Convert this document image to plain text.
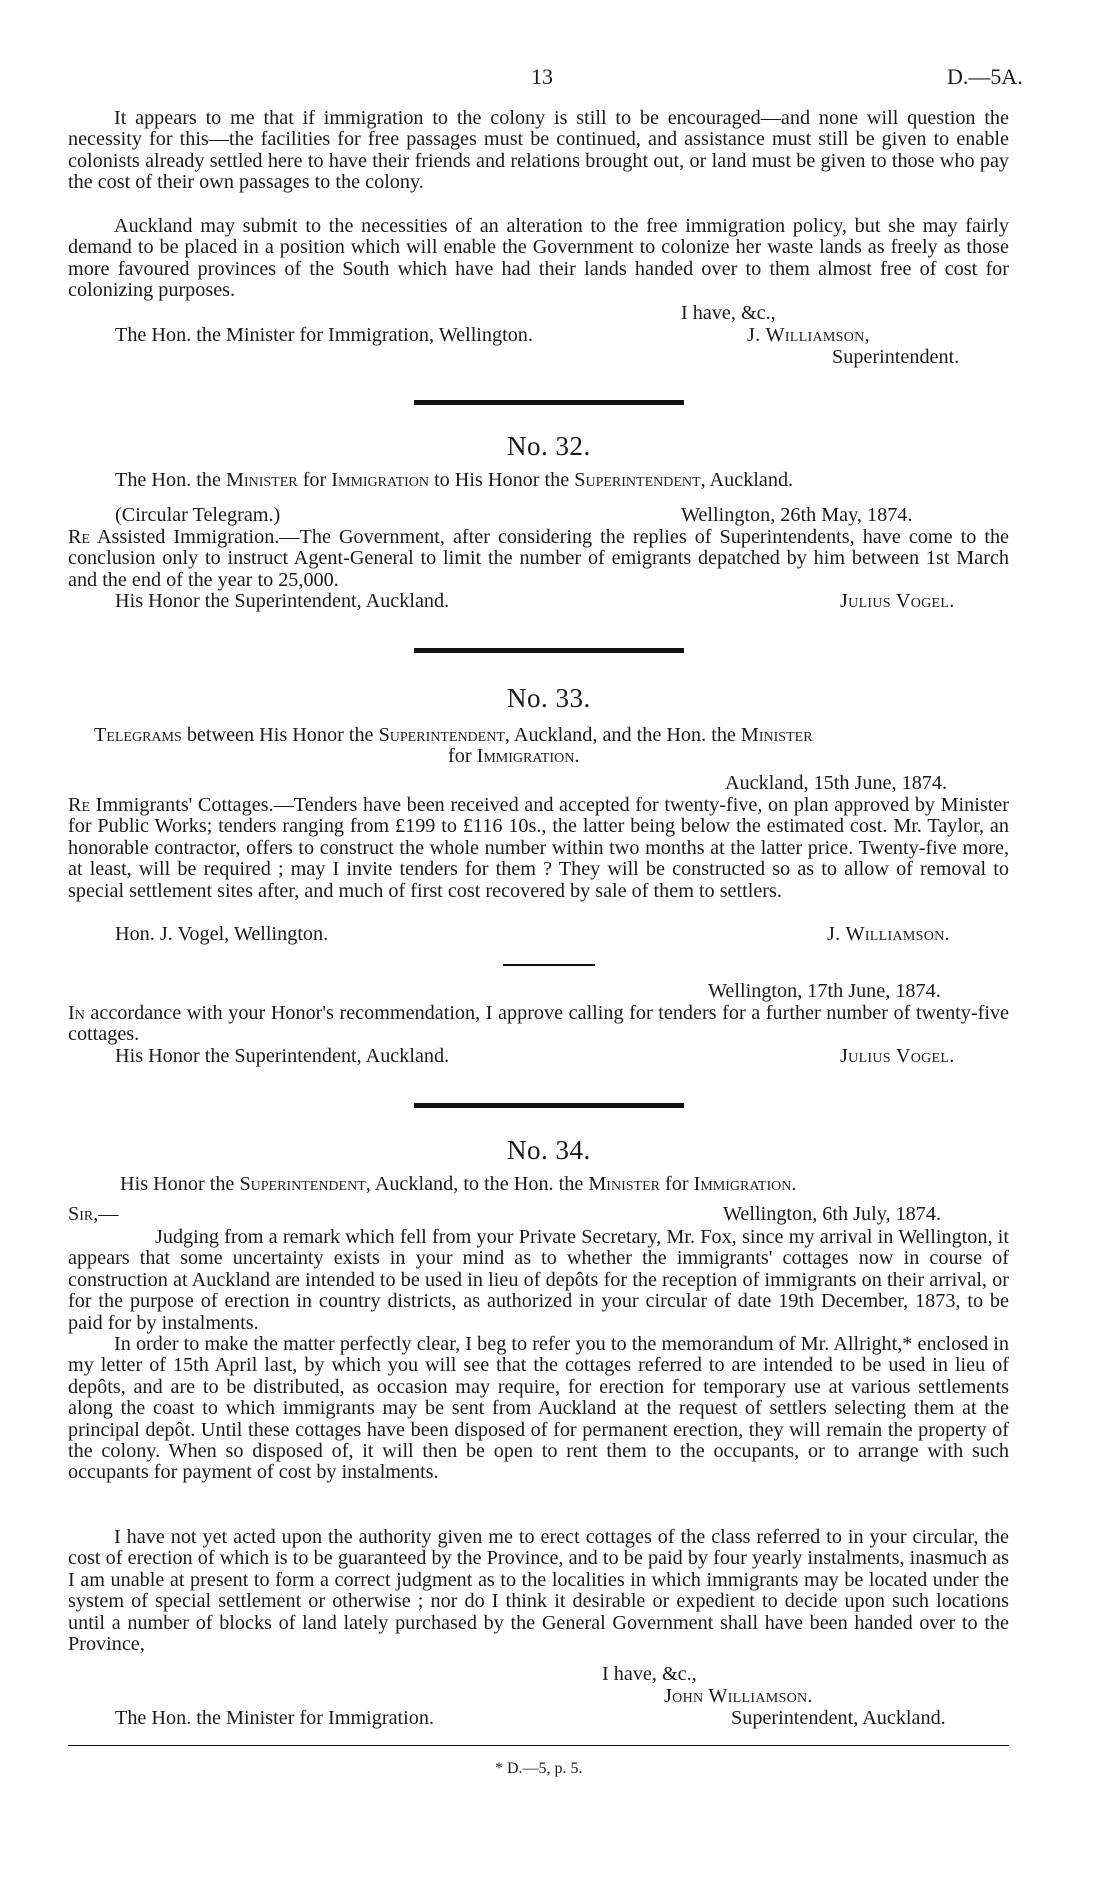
13	D.—5A.
It appears to me that if immigration to the colony is still to be encouraged—and none will question the necessity for this—the facilities for free passages must be continued, and assistance must still be given to enable colonists already settled here to have their friends and relations brought out, or land must be given to those who pay the cost of their own passages to the colony.
Auckland may submit to the necessities of an alteration to the free immigration policy, but she may fairly demand to be placed in a position which will enable the Government to colonize her waste lands as freely as those more favoured provinces of the South which have had their lands handed over to them almost free of cost for colonizing purposes.
I have, &c.,
The Hon. the Minister for Immigration, Wellington.	J. Williamson,
Superintendent.
No. 32.
The Hon. the Minister for Immigration to His Honor the Superintendent, Auckland.
(Circular Telegram.)	Wellington, 26th May, 1874.
Re Assisted Immigration.—The Government, after considering the replies of Superintendents, have come to the conclusion only to instruct Agent-General to limit the number of emigrants depatched by him between 1st March and the end of the year to 25,000.
His Honor the Superintendent, Auckland.	Julius Vogel.
No. 33.
Telegrams between His Honor the Superintendent, Auckland, and the Hon. the Minister
for Immigration.
Auckland, 15th June, 1874.
Re Immigrants' Cottages.—Tenders have been received and accepted for twenty-five, on plan approved by Minister for Public Works; tenders ranging from £199 to £116 10s., the latter being below the estimated cost. Mr. Taylor, an honorable contractor, offers to construct the whole number within two months at the latter price. Twenty-five more, at least, will be required ; may I invite tenders for them ? They will be constructed so as to allow of removal to special settlement sites after, and much of first cost recovered by sale of them to settlers.
Hon. J. Vogel, Wellington.	J. Williamson.
Wellington, 17th June, 1874.
In accordance with your Honor's recommendation, I approve calling for tenders for a further number of twenty-five cottages.
His Honor the Superintendent, Auckland.	Julius Vogel.
No. 34.
His Honor the Superintendent, Auckland, to the Hon. the Minister for Immigration.
Sir,—	Wellington, 6th July, 1874.
Judging from a remark which fell from your Private Secretary, Mr. Fox, since my arrival in Wellington, it appears that some uncertainty exists in your mind as to whether the immigrants' cottages now in course of construction at Auckland are intended to be used in lieu of depôts for the reception of immigrants on their arrival, or for the purpose of erection in country districts, as authorized in your circular of date 19th December, 1873, to be paid for by instalments.
In order to make the matter perfectly clear, I beg to refer you to the memorandum of Mr. Allright,* enclosed in my letter of 15th April last, by which you will see that the cottages referred to are intended to be used in lieu of depôts, and are to be distributed, as occasion may require, for erection for temporary use at various settlements along the coast to which immigrants may be sent from Auckland at the request of settlers selecting them at the principal depôt. Until these cottages have been disposed of for permanent erection, they will remain the property of the colony. When so disposed of, it will then be open to rent them to the occupants, or to arrange with such occupants for payment of cost by instalments.
I have not yet acted upon the authority given me to erect cottages of the class referred to in your circular, the cost of erection of which is to be guaranteed by the Province, and to be paid by four yearly instalments, inasmuch as I am unable at present to form a correct judgment as to the localities in which immigrants may be located under the system of special settlement or otherwise ; nor do I think it desirable or expedient to decide upon such locations until a number of blocks of land lately purchased by the General Government shall have been handed over to the Province,
I have, &c.,
John Williamson.
The Hon. the Minister for Immigration.	Superintendent, Auckland.
* D.—5, p. 5.
